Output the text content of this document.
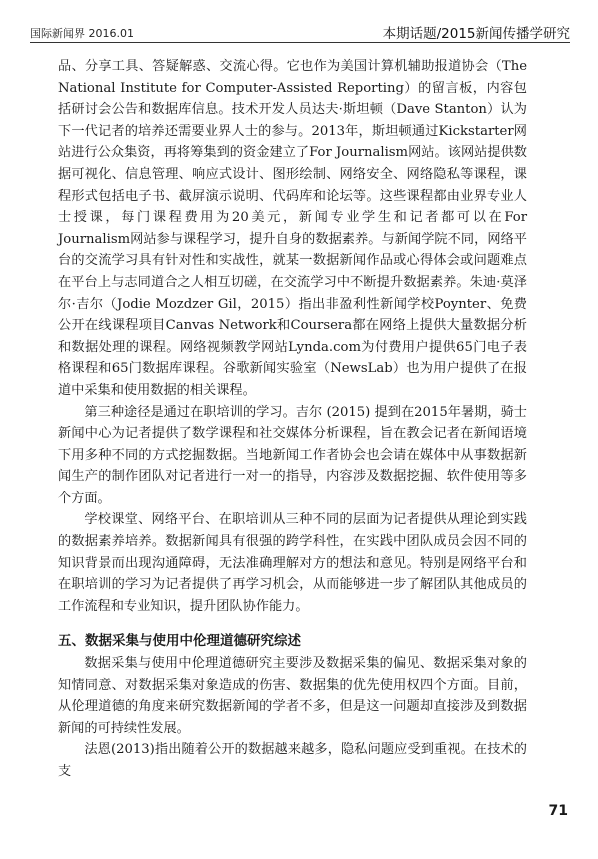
国际新闻界 2016.01	本期话题/2015新闻传播学研究

品、分享工具、答疑解惑、交流心得。它也作为美国计算机辅助报道协会（The National Institute for Computer-Assisted Reporting）的留言板，内容包括研讨会公告和数据库信息。技术开发人员达夫·斯坦顿（Dave Stanton）认为下一代记者的培养还需要业界人士的参与。2013年，斯坦顿通过Kickstarter网站进行公众集资，再将筹集到的资金建立了For Journalism网站。该网站提供数据可视化、信息管理、响应式设计、图形绘制、网络安全、网络隐私等课程，课程形式包括电子书、截屏演示说明、代码库和论坛等。这些课程都由业界专业人士授课，每门课程费用为20美元，新闻专业学生和记者都可以在For Journalism网站参与课程学习，提升自身的数据素养。与新闻学院不同，网络平台的交流学习具有针对性和实战性，就某一数据新闻作品或心得体会或问题难点在平台上与志同道合之人相互切磋，在交流学习中不断提升数据素养。朱迪·莫泽尔·吉尔（Jodie Mozdzer Gil，2015）指出非盈利性新闻学校Poynter、免费公开在线课程项目Canvas Network和Coursera都在网络上提供大量数据分析和数据处理的课程。网络视频教学网站Lynda.com为付费用户提供65门电子表格课程和65门数据库课程。谷歌新闻实验室（NewsLab）也为用户提供了在报道中采集和使用数据的相关课程。

第三种途径是通过在职培训的学习。吉尔 (2015) 提到在2015年暑期，骑士新闻中心为记者提供了数学课程和社交媒体分析课程，旨在教会记者在新闻语境下用多种不同的方式挖掘数据。当地新闻工作者协会也会请在媒体中从事数据新闻生产的制作团队对记者进行一对一的指导，内容涉及数据挖掘、软件使用等多个方面。

学校课堂、网络平台、在职培训从三种不同的层面为记者提供从理论到实践的数据素养培养。数据新闻具有很强的跨学科性，在实践中团队成员会因不同的知识背景而出现沟通障碍，无法准确理解对方的想法和意见。特别是网络平台和在职培训的学习为记者提供了再学习机会，从而能够进一步了解团队其他成员的工作流程和专业知识，提升团队协作能力。

五、数据采集与使用中伦理道德研究综述

数据采集与使用中伦理道德研究主要涉及数据采集的偏见、数据采集对象的知情同意、对数据采集对象造成的伤害、数据集的优先使用权四个方面。目前，从伦理道德的角度来研究数据新闻的学者不多，但是这一问题却直接涉及到数据新闻的可持续性发展。

法恩(2013)指出随着公开的数据越来越多，隐私问题应受到重视。在技术的支

71
